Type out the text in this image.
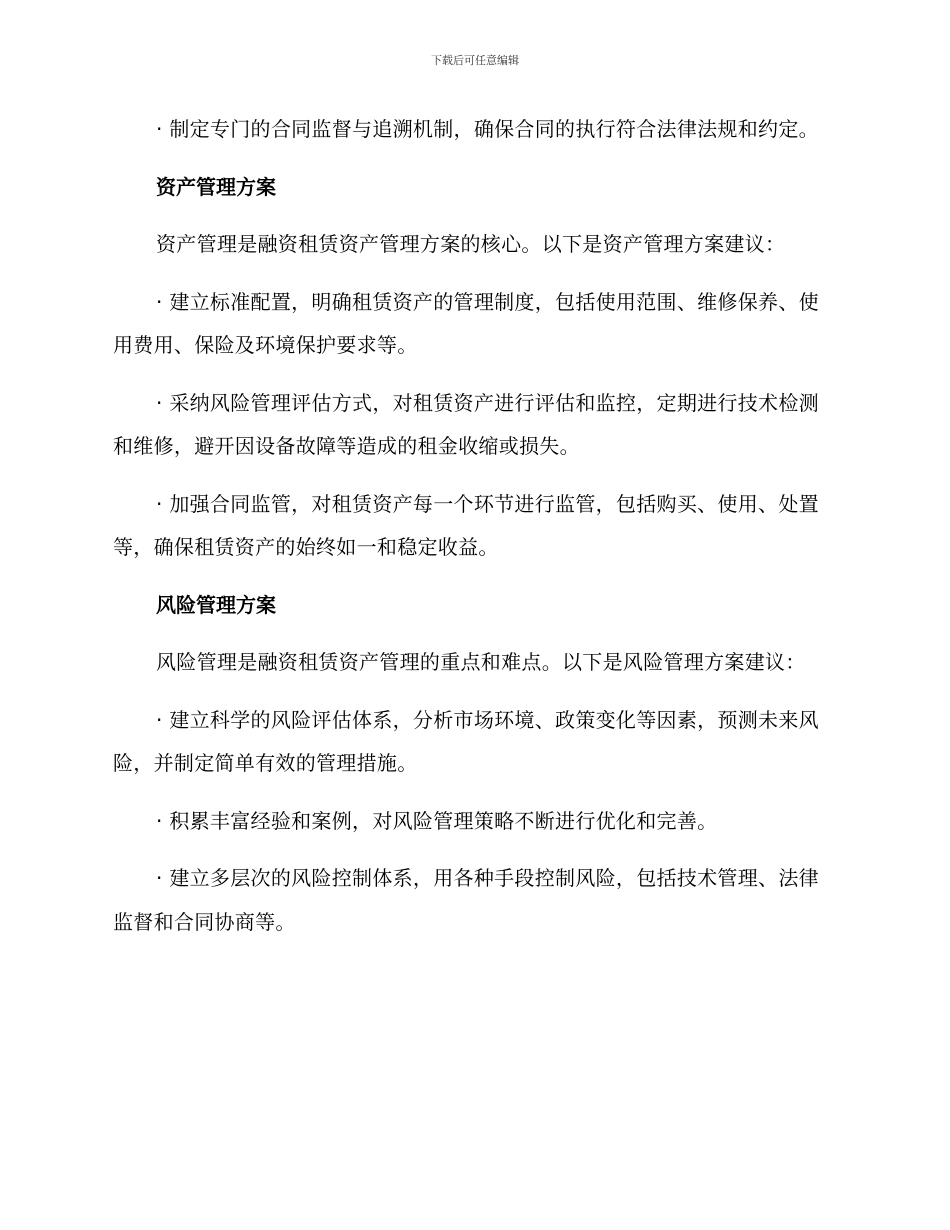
下载后可任意编辑

· 制定专门的合同监督与追溯机制，确保合同的执行符合法律法规和约定。

资产管理方案

资产管理是融资租赁资产管理方案的核心。以下是资产管理方案建议：

· 建立标准配置，明确租赁资产的管理制度，包括使用范围、维修保养、使用费用、保险及环境保护要求等。

· 采纳风险管理评估方式，对租赁资产进行评估和监控，定期进行技术检测和维修，避开因设备故障等造成的租金收缩或损失。

· 加强合同监管，对租赁资产每一个环节进行监管，包括购买、使用、处置等，确保租赁资产的始终如一和稳定收益。

风险管理方案

风险管理是融资租赁资产管理的重点和难点。以下是风险管理方案建议：

· 建立科学的风险评估体系，分析市场环境、政策变化等因素，预测未来风险，并制定简单有效的管理措施。

· 积累丰富经验和案例，对风险管理策略不断进行优化和完善。

· 建立多层次的风险控制体系，用各种手段控制风险，包括技术管理、法律监督和合同协商等。
